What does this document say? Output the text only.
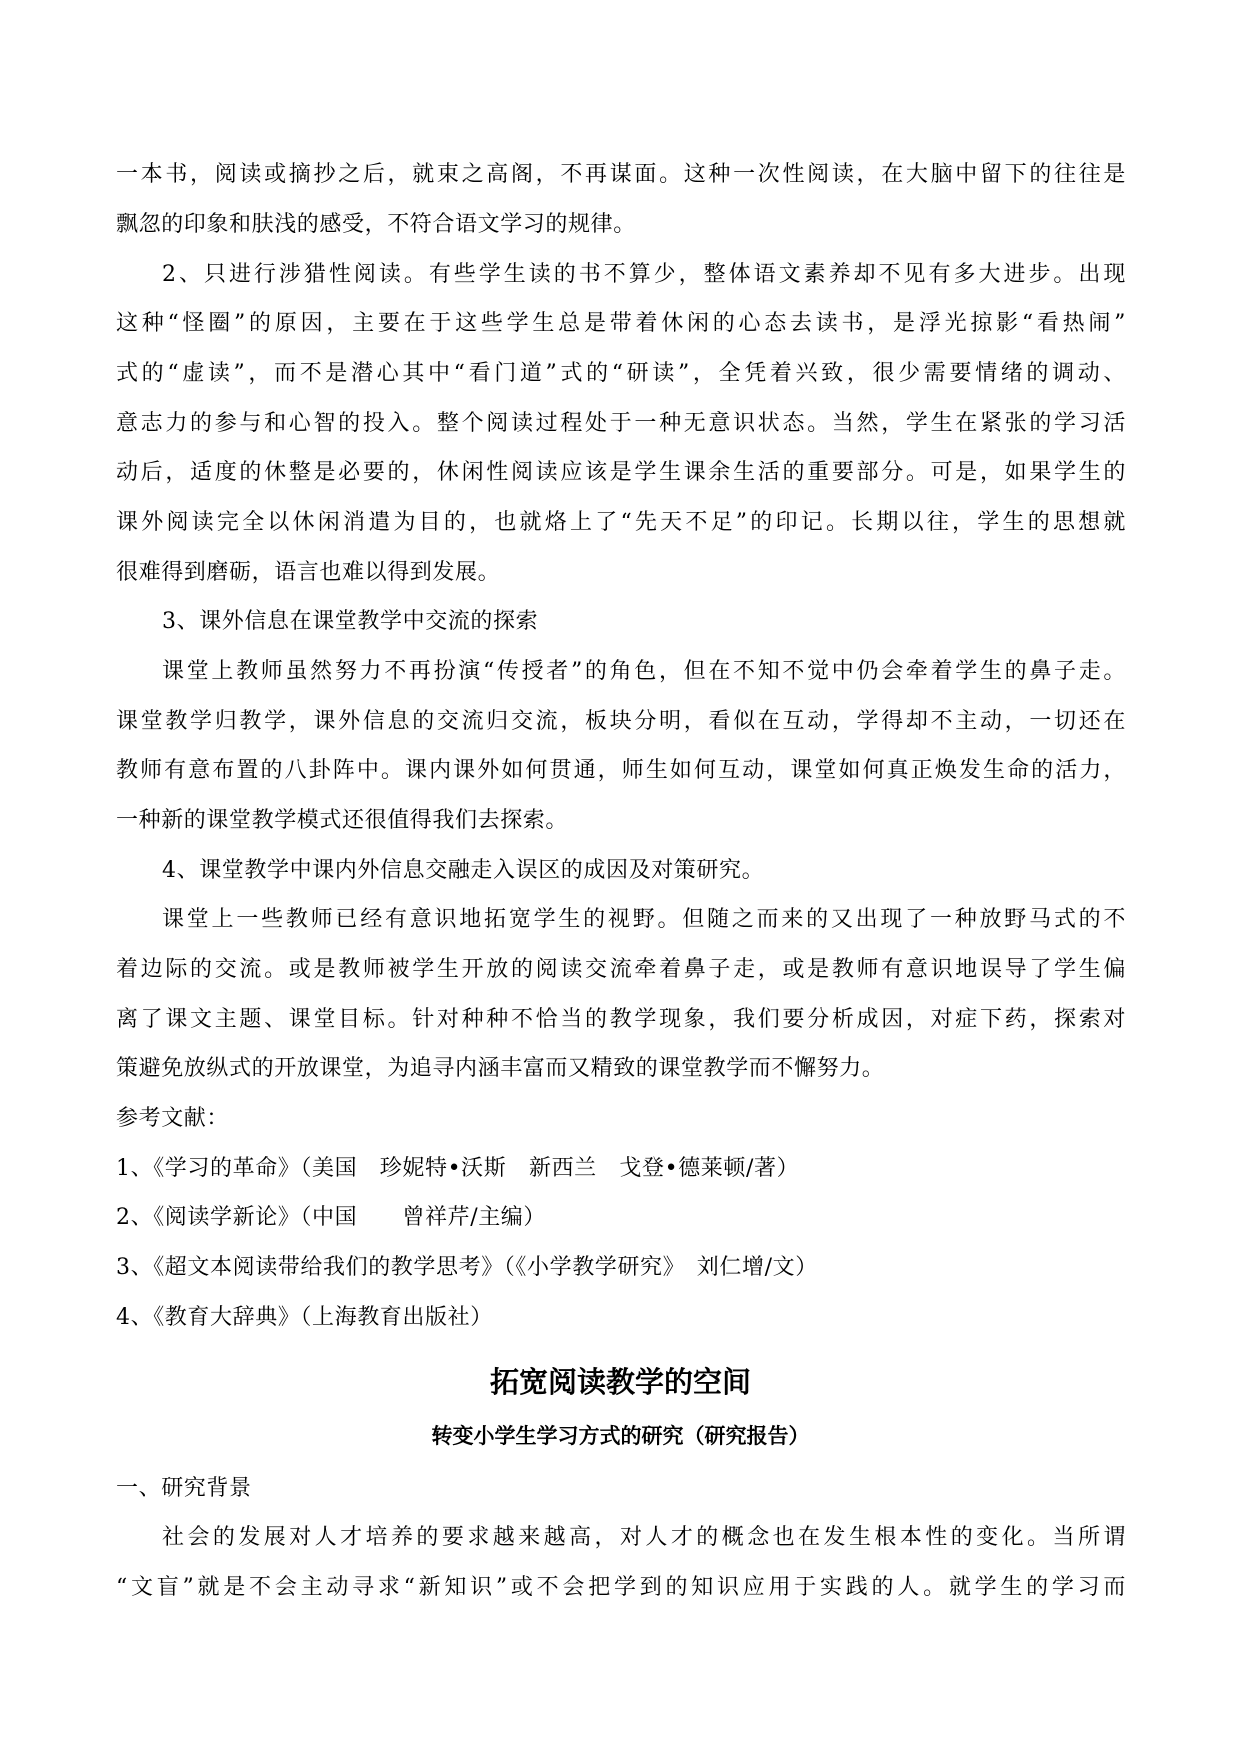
一本书，阅读或摘抄之后，就束之高阁，不再谋面。这种一次性阅读，在大脑中留下的往往是
飘忽的印象和肤浅的感受，不符合语文学习的规律。
2、只进行涉猎性阅读。有些学生读的书不算少，整体语文素养却不见有多大进步。出现
这种“怪圈”的原因，主要在于这些学生总是带着休闲的心态去读书，是浮光掠影“看热闹”
式的“虚读”，而不是潜心其中“看门道”式的“研读”，全凭着兴致，很少需要情绪的调动、
意志力的参与和心智的投入。整个阅读过程处于一种无意识状态。当然，学生在紧张的学习活
动后，适度的休整是必要的，休闲性阅读应该是学生课余生活的重要部分。可是，如果学生的
课外阅读完全以休闲消遣为目的，也就烙上了“先天不足”的印记。长期以往，学生的思想就
很难得到磨砺，语言也难以得到发展。
3、课外信息在课堂教学中交流的探索
课堂上教师虽然努力不再扮演“传授者”的角色，但在不知不觉中仍会牵着学生的鼻子走。
课堂教学归教学，课外信息的交流归交流，板块分明，看似在互动，学得却不主动，一切还在
教师有意布置的八卦阵中。课内课外如何贯通，师生如何互动，课堂如何真正焕发生命的活力，
一种新的课堂教学模式还很值得我们去探索。
4、课堂教学中课内外信息交融走入误区的成因及对策研究。
课堂上一些教师已经有意识地拓宽学生的视野。但随之而来的又出现了一种放野马式的不
着边际的交流。或是教师被学生开放的阅读交流牵着鼻子走，或是教师有意识地误导了学生偏
离了课文主题、课堂目标。针对种种不恰当的教学现象，我们要分析成因，对症下药，探索对
策避免放纵式的开放课堂，为追寻内涵丰富而又精致的课堂教学而不懈努力。
参考文献：
1、《学习的革命》（美国　珍妮特•沃斯　新西兰　戈登•德莱顿/著）
2、《阅读学新论》（中国　　曾祥芹/主编）
3、《超文本阅读带给我们的教学思考》（《小学教学研究》　刘仁增/文）
4、《教育大辞典》（上海教育出版社）
拓宽阅读教学的空间
转变小学生学习方式的研究（研究报告）
一、研究背景
社会的发展对人才培养的要求越来越高，对人才的概念也在发生根本性的变化。当所谓
“文盲”就是不会主动寻求“新知识”或不会把学到的知识应用于实践的人。就学生的学习而
